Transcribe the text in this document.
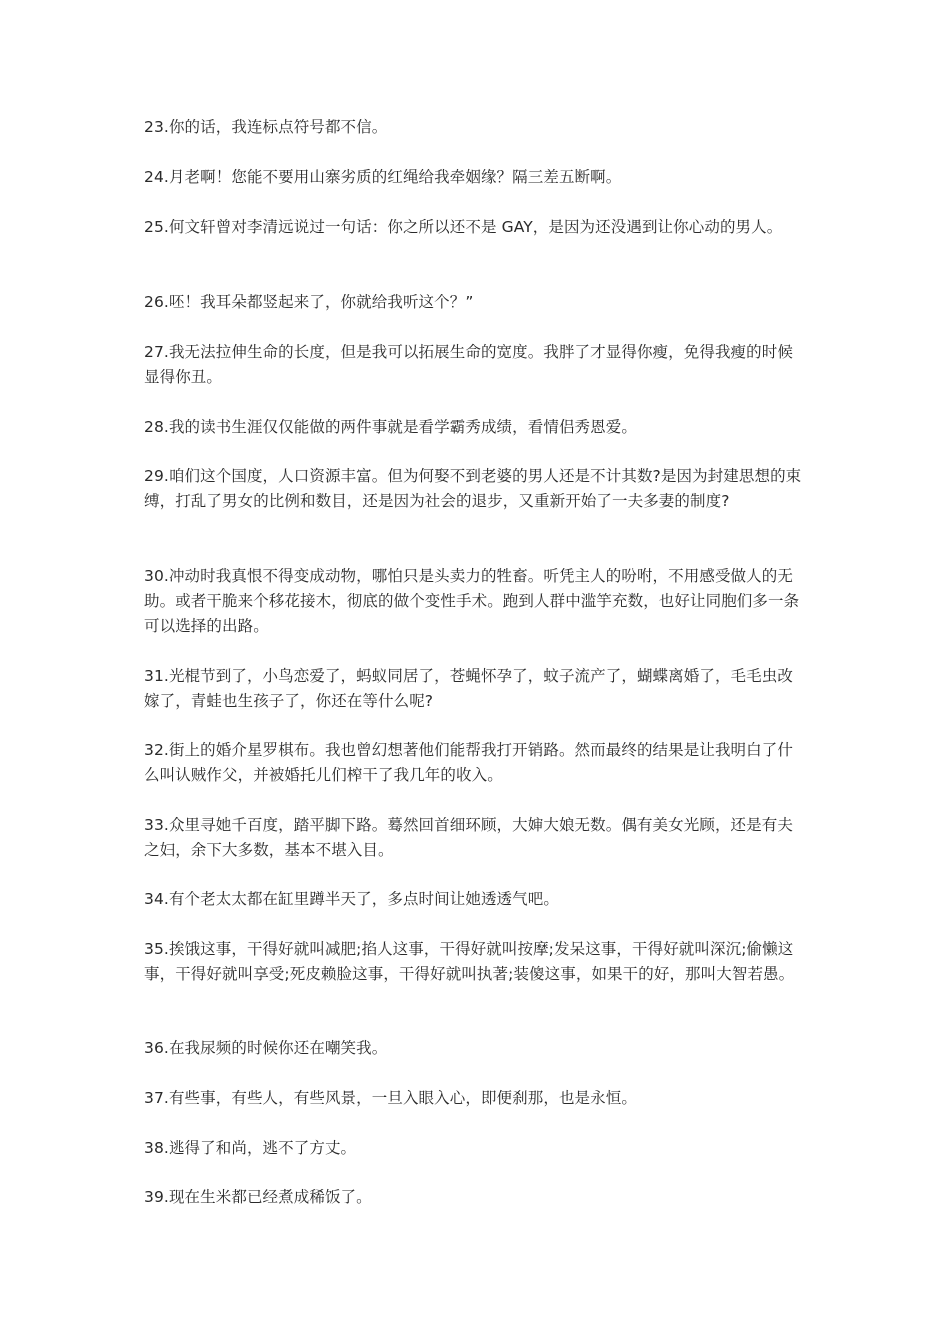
23.你的话，我连标点符号都不信。

24.月老啊！您能不要用山寨劣质的红绳给我牵姻缘？隔三差五断啊。

25.何文轩曾对李清远说过一句话：你之所以还不是 GAY，是因为还没遇到让你心动的男人。

26.呸！我耳朵都竖起来了，你就给我听这个？”

27.我无法拉伸生命的长度，但是我可以拓展生命的宽度。我胖了才显得你瘦，免得我瘦的时候显得你丑。

28.我的读书生涯仅仅能做的两件事就是看学霸秀成绩，看情侣秀恩爱。

29.咱们这个国度，人口资源丰富。但为何娶不到老婆的男人还是不计其数?是因为封建思想的束缚，打乱了男女的比例和数目，还是因为社会的退步，又重新开始了一夫多妻的制度?

30.冲动时我真恨不得变成动物，哪怕只是头卖力的牲畜。听凭主人的吩咐，不用感受做人的无助。或者干脆来个移花接木，彻底的做个变性手术。跑到人群中滥竽充数，也好让同胞们多一条可以选择的出路。

31.光棍节到了，小鸟恋爱了，蚂蚁同居了，苍蝇怀孕了，蚊子流产了，蝴蝶离婚了，毛毛虫改嫁了，青蛙也生孩子了，你还在等什么呢?

32.街上的婚介星罗棋布。我也曾幻想著他们能帮我打开销路。然而最终的结果是让我明白了什么叫认贼作父，并被婚托儿们榨干了我几年的收入。

33.众里寻她千百度，踏平脚下路。蓦然回首细环顾，大婶大娘无数。偶有美女光顾，还是有夫之妇，余下大多数，基本不堪入目。

34.有个老太太都在缸里蹲半天了，多点时间让她透透气吧。

35.挨饿这事，干得好就叫减肥;掐人这事，干得好就叫按摩;发呆这事，干得好就叫深沉;偷懒这事，干得好就叫享受;死皮赖脸这事，干得好就叫执著;装傻这事，如果干的好，那叫大智若愚。

36.在我尿频的时候你还在嘲笑我。

37.有些事，有些人，有些风景，一旦入眼入心，即便刹那，也是永恒。

38.逃得了和尚，逃不了方丈。

39.现在生米都已经煮成稀饭了。
